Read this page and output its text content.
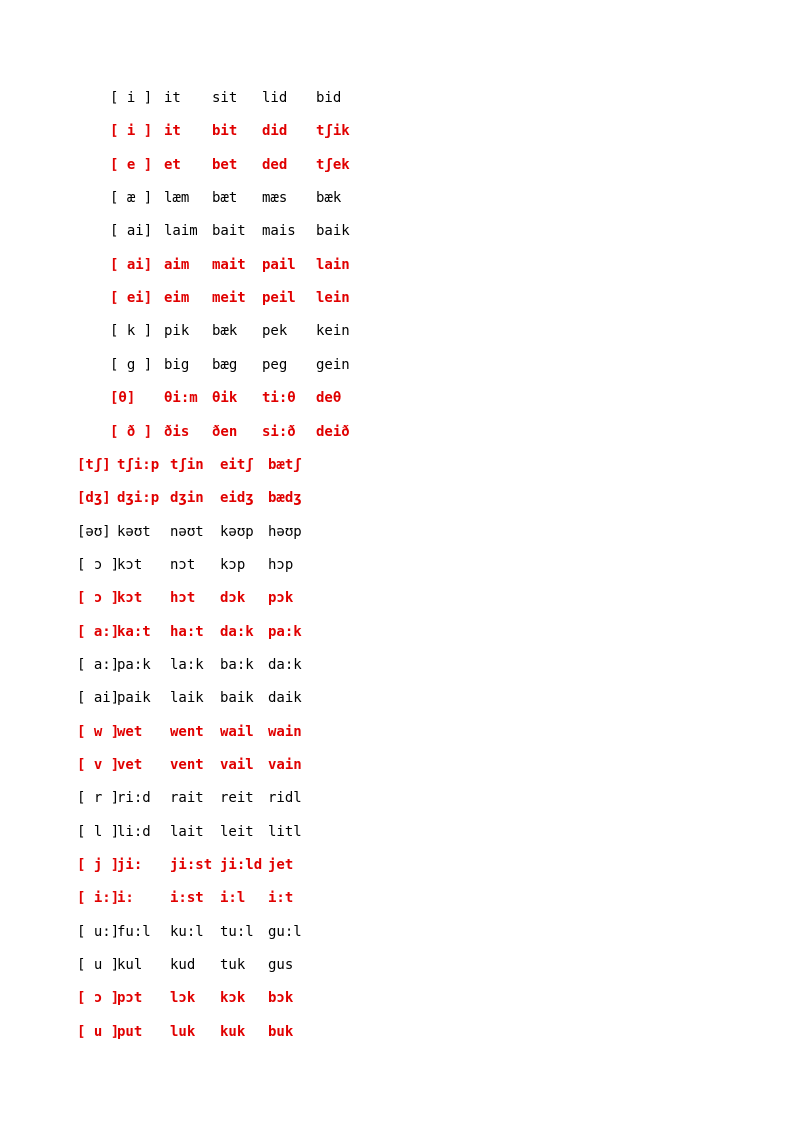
[ i ] it sit lid bid
[ i ] it bit did tʃik
[ e ] et bet ded tʃek
[ æ ] læm bæt mæs bæk
[ ai] laim bait mais baik
[ ai] aim mait pail lain
[ ei] eim meit peil lein
[ k ] pik bæk pek kein
[ g ] big bæg peg gein
[θ] θi:m θik ti:θ deθ
[ ð ] ðis ðen si:ð deið
[tʃ] tʃi:p tʃin eitʃ bætʃ
[dʒ] dʒi:p dʒin eidʒ bædʒ
[əʊ] kəʊt nəʊt kəʊp həʊp
[ ɔ ]
kɔt nɔt kɔp hɔp
[ ɔ ]
kɔt hɔt dɔk pɔk
[ a:]
ka:t ha:t da:k pa:k
[ a:]
pa:k la:k ba:k da:k
[ ai]
paik laik baik daik
[ w ]
wet went wail wain
[ v ]
vet vent vail vain
[ r ]
ri:d rait reit ridl
[ l ]
li:d lait leit litl
[ j ]
ji: ji:st ji:ld jet
[ i:]
i:	i:st i:l i:t
[ u:]
fu:l ku:l tu:l gu:l
[ u ]
kul kud tuk gus
[ ɔ ]
pɔt lɔk kɔk bɔk
[ u ]
put luk kuk buk
